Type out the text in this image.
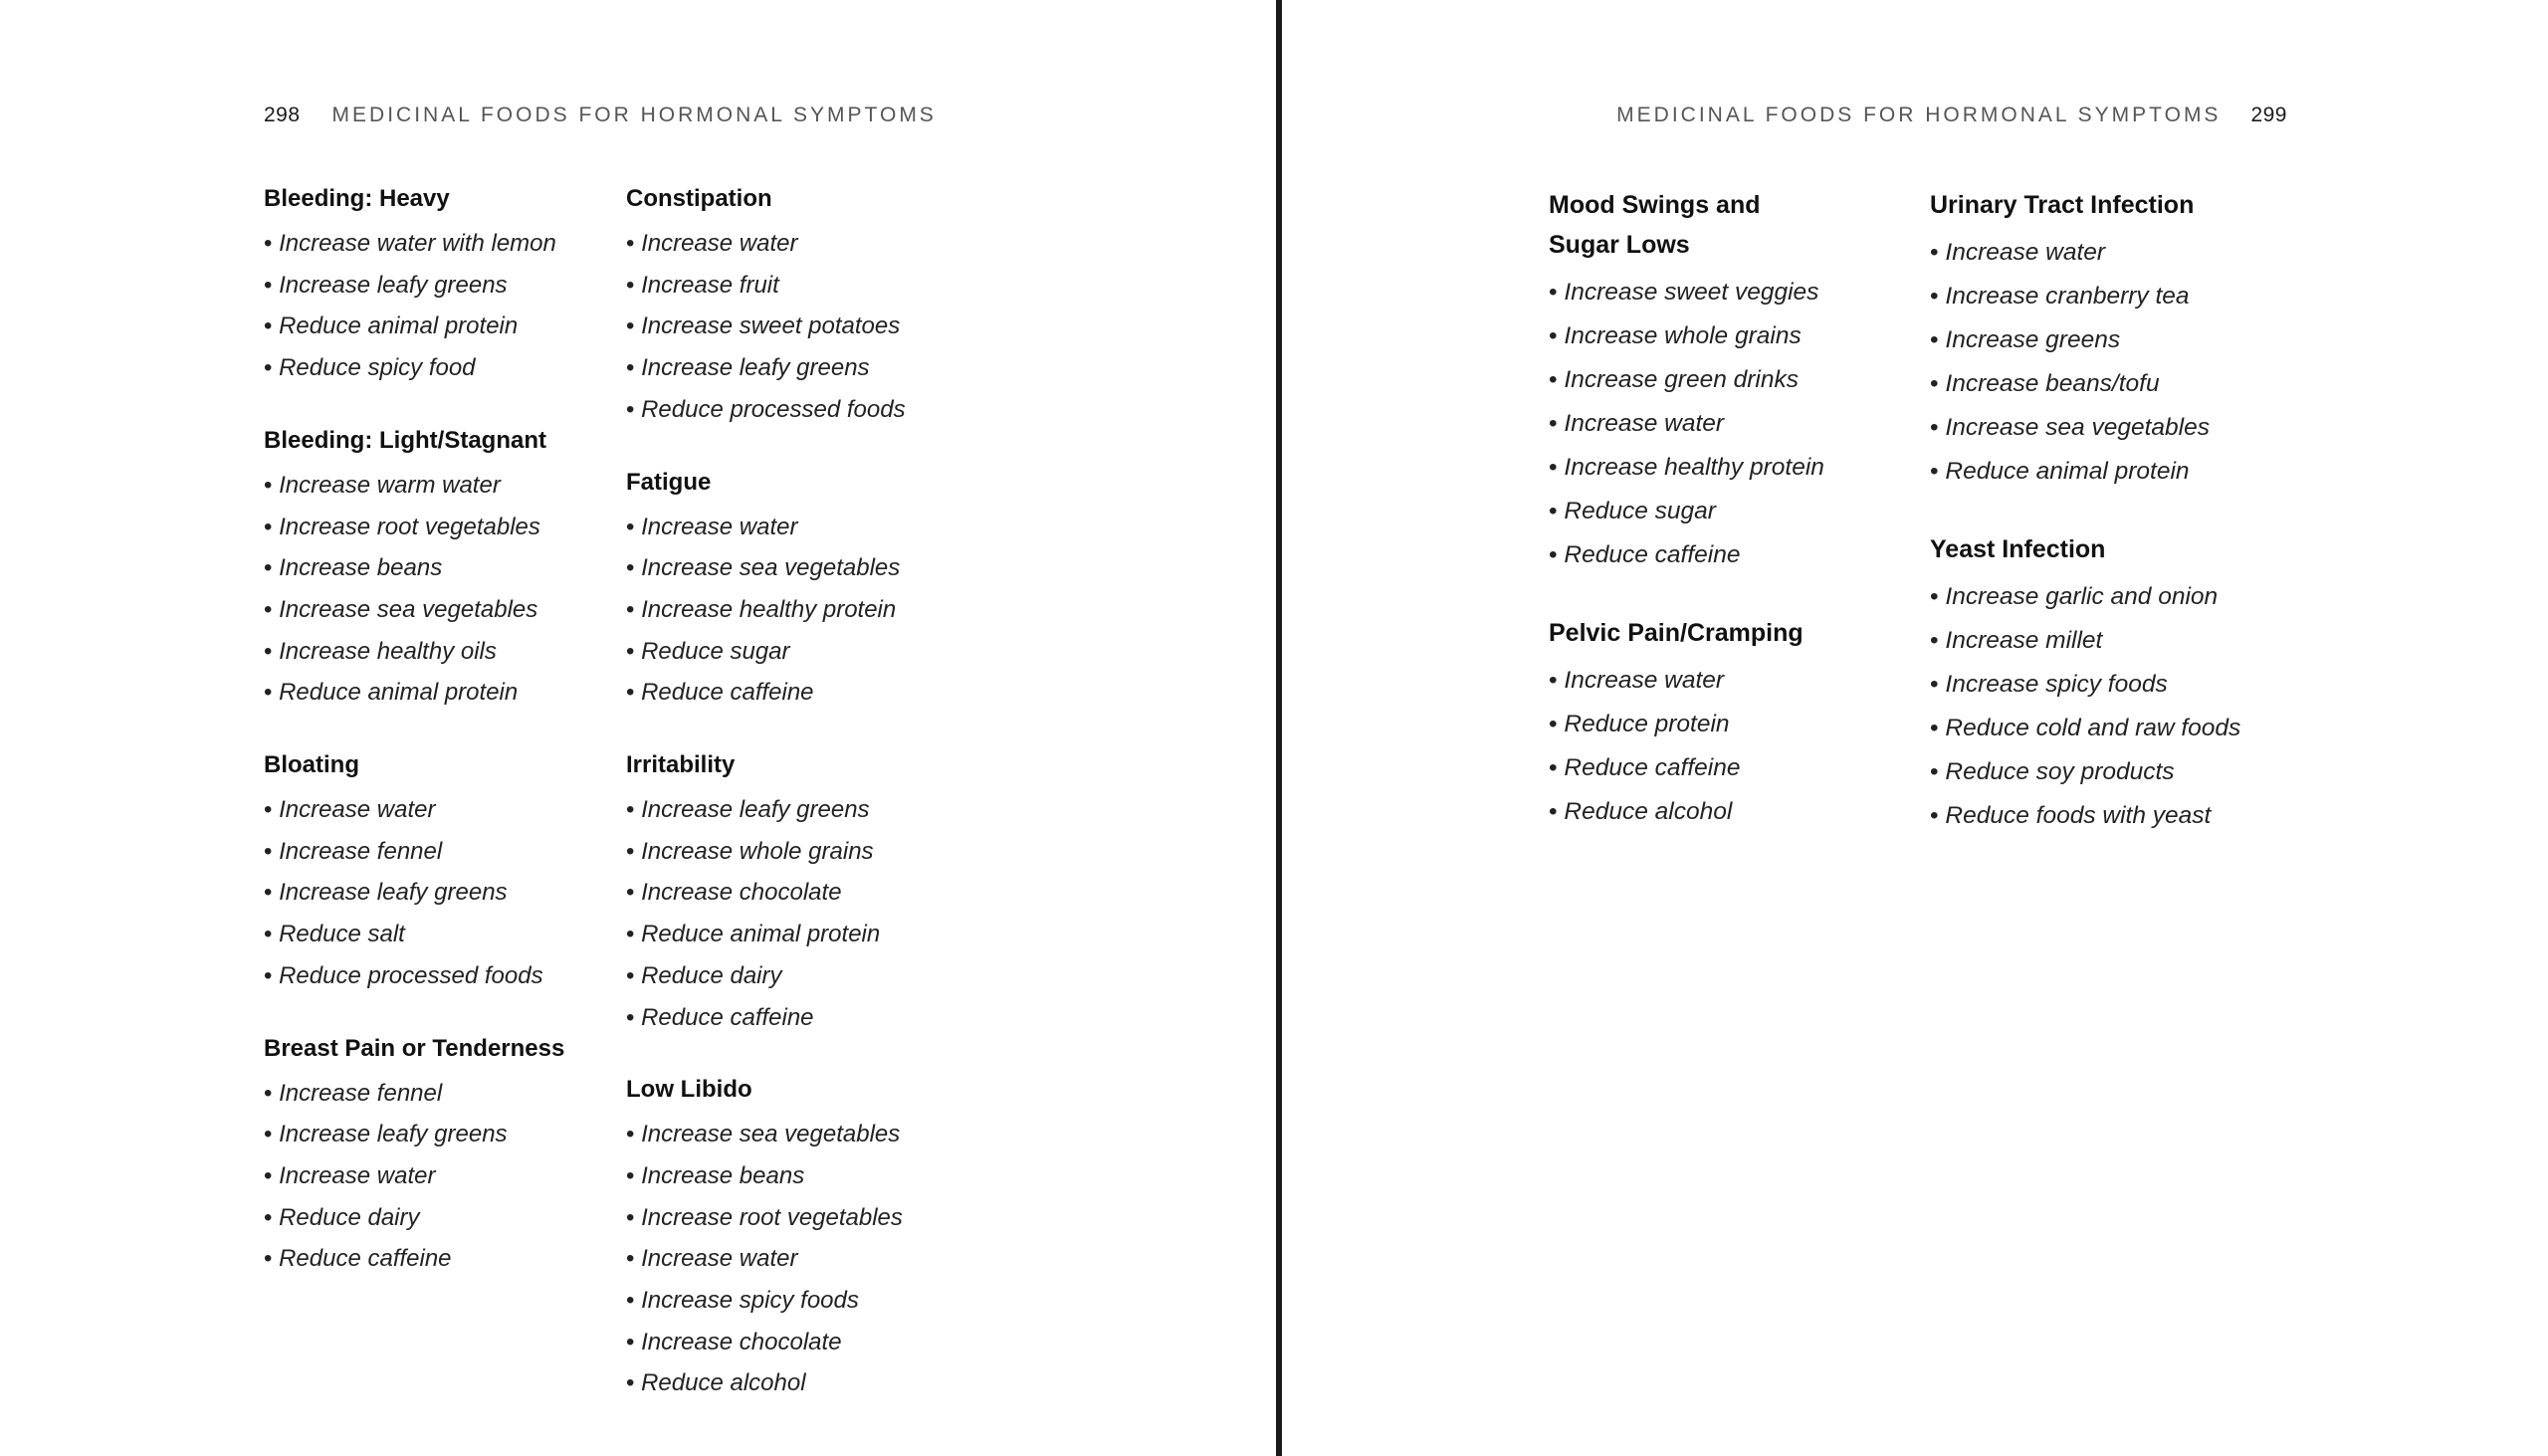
298 MEDICINAL FOODS FOR HORMONAL SYMPTOMS
Bleeding: Heavy
• Increase water with lemon
• Increase leafy greens
• Reduce animal protein
• Reduce spicy food
Bleeding: Light/Stagnant
• Increase warm water
• Increase root vegetables
• Increase beans
• Increase sea vegetables
• Increase healthy oils
• Reduce animal protein
Bloating
• Increase water
• Increase fennel
• Increase leafy greens
• Reduce salt
• Reduce processed foods
Breast Pain or Tenderness
• Increase fennel
• Increase leafy greens
• Increase water
• Reduce dairy
• Reduce caffeine
Constipation
• Increase water
• Increase fruit
• Increase sweet potatoes
• Increase leafy greens
• Reduce processed foods
Fatigue
• Increase water
• Increase sea vegetables
• Increase healthy protein
• Reduce sugar
• Reduce caffeine
Irritability
• Increase leafy greens
• Increase whole grains
• Increase chocolate
• Reduce animal protein
• Reduce dairy
• Reduce caffeine
Low Libido
• Increase sea vegetables
• Increase beans
• Increase root vegetables
• Increase water
• Increase spicy foods
• Increase chocolate
• Reduce alcohol
MEDICINAL FOODS FOR HORMONAL SYMPTOMS 299
Mood Swings and Sugar Lows
• Increase sweet veggies
• Increase whole grains
• Increase green drinks
• Increase water
• Increase healthy protein
• Reduce sugar
• Reduce caffeine
Pelvic Pain/Cramping
• Increase water
• Reduce protein
• Reduce caffeine
• Reduce alcohol
Urinary Tract Infection
• Increase water
• Increase cranberry tea
• Increase greens
• Increase beans/tofu
• Increase sea vegetables
• Reduce animal protein
Yeast Infection
• Increase garlic and onion
• Increase millet
• Increase spicy foods
• Reduce cold and raw foods
• Reduce soy products
• Reduce foods with yeast
